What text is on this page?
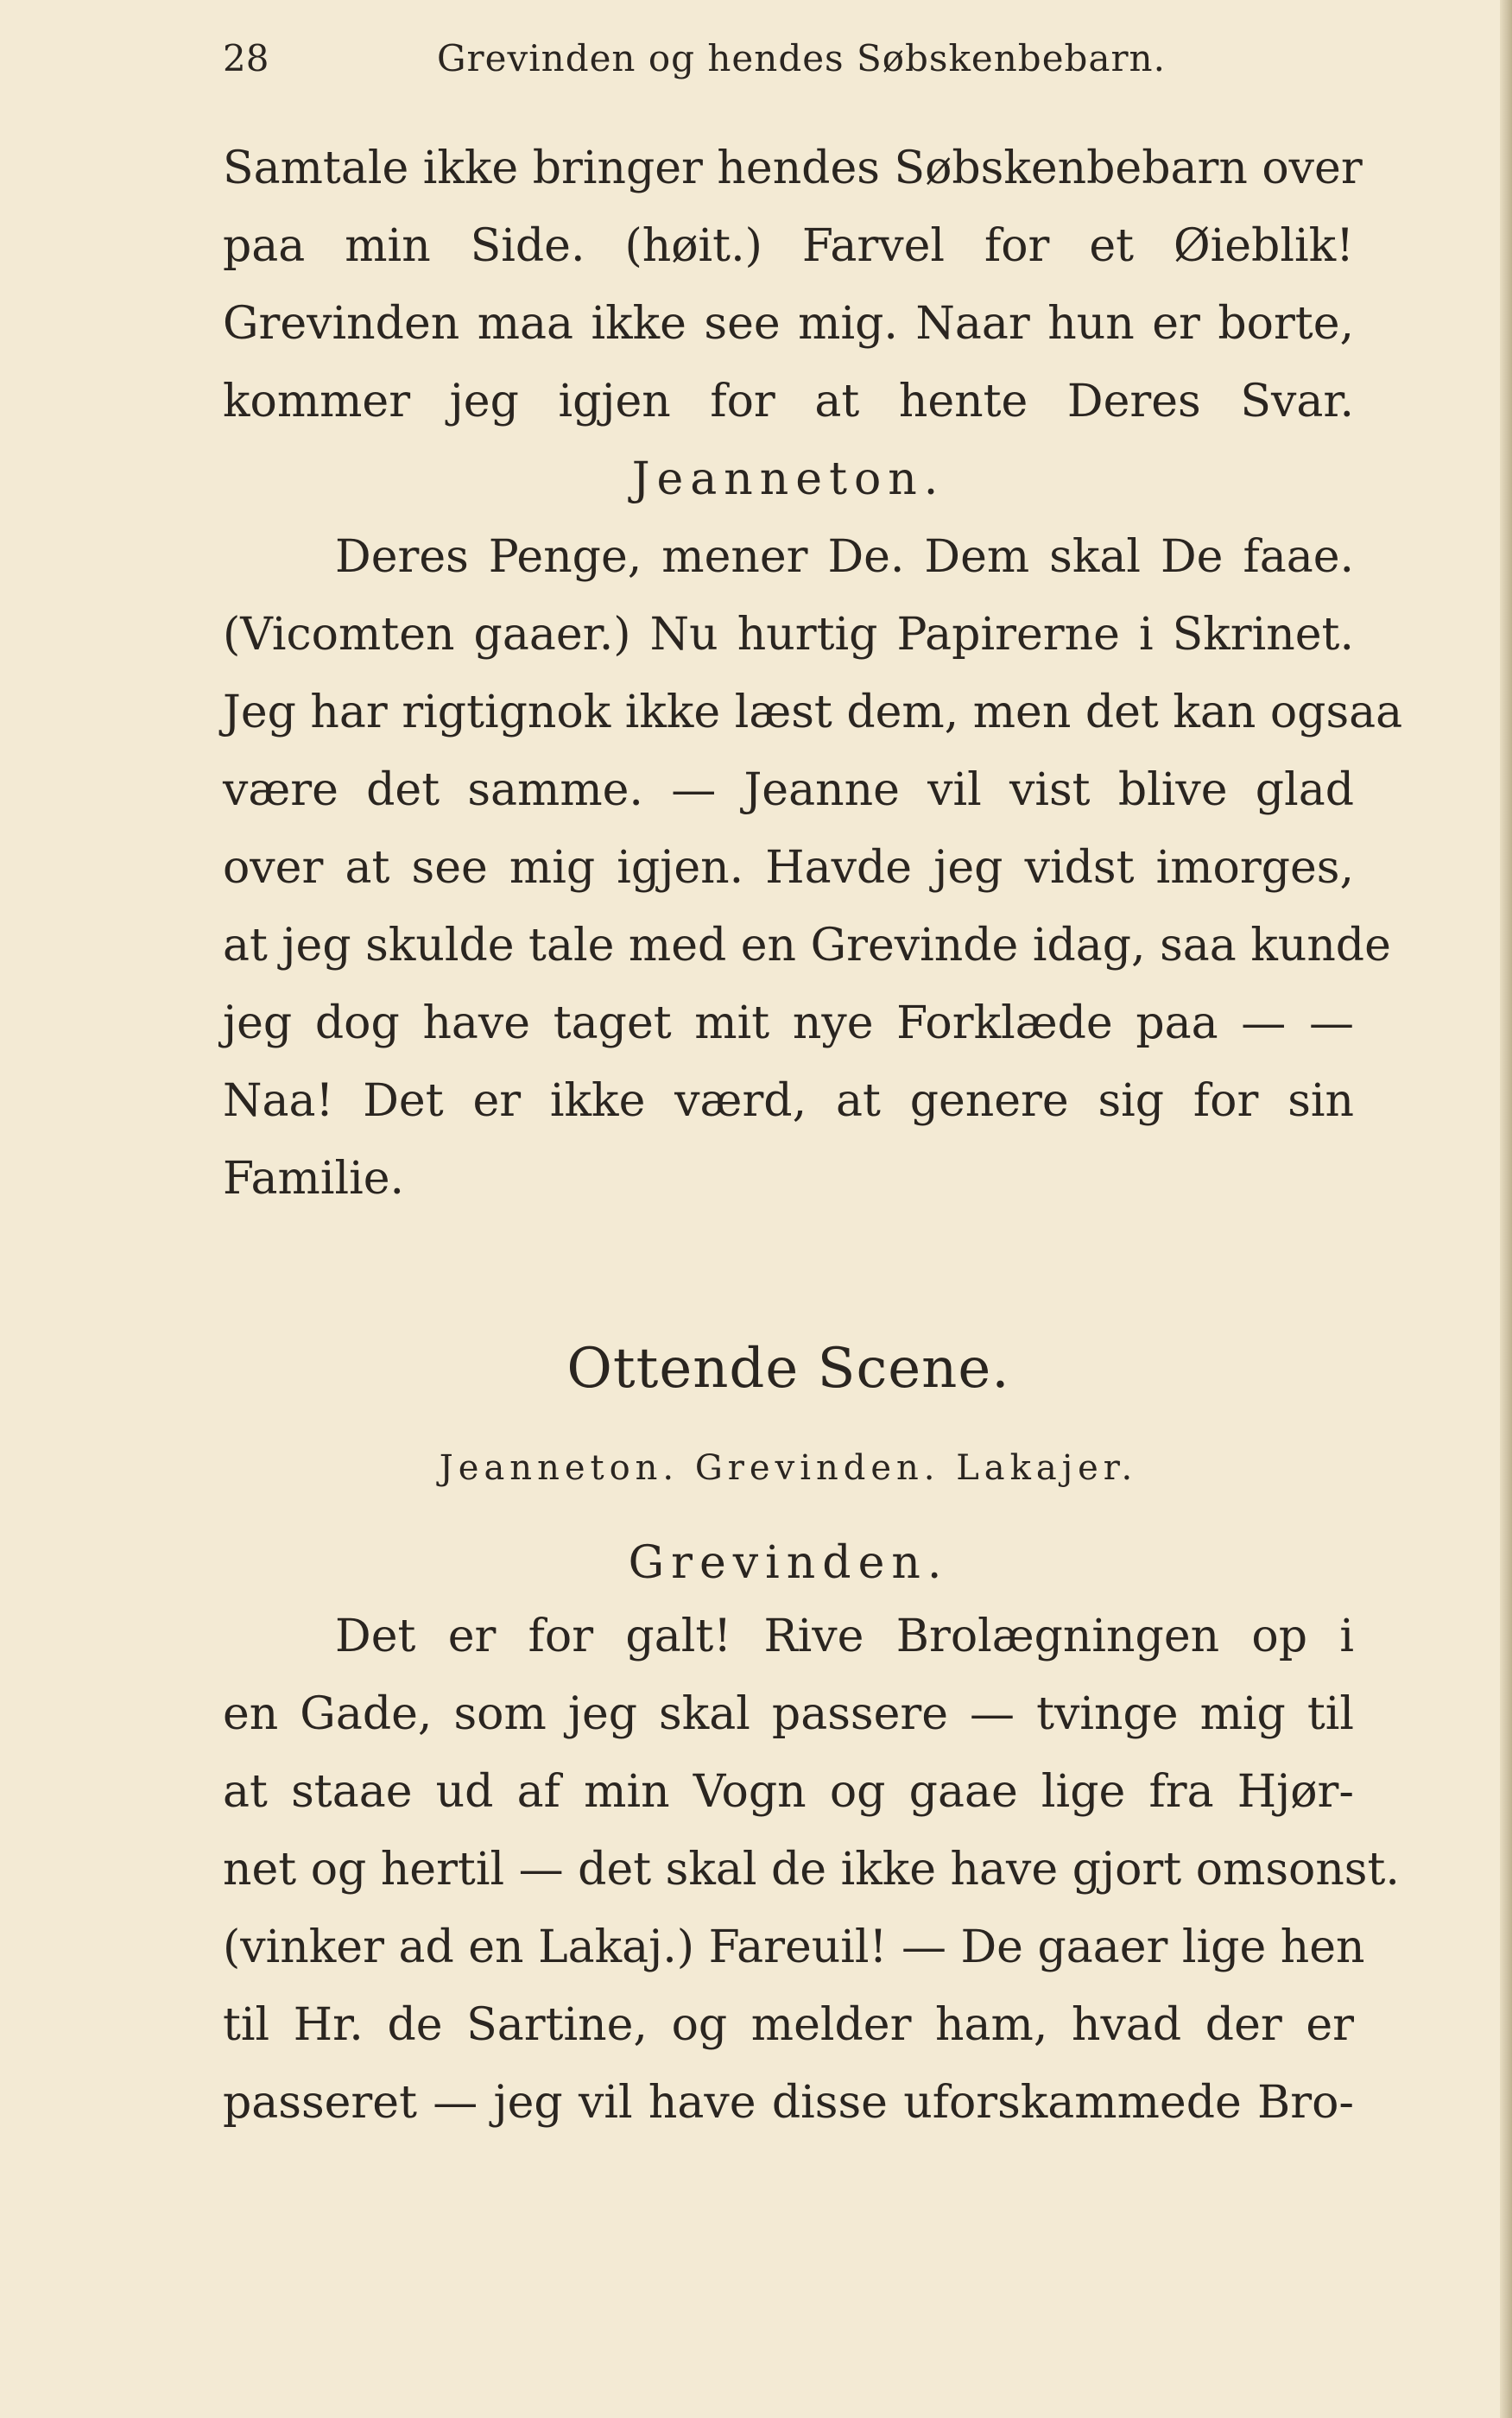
28	Grevinden og hendes Søbskenbebarn.
Samtale ikke bringer hendes Søbskenbebarn over
paa min Side. (høit.) Farvel for et Øieblik!
Grevinden maa ikke see mig. Naar hun er borte,
kommer jeg igjen for at hente Deres Svar.
Jeanneton.
Deres Penge, mener De. Dem skal De faae.
(Vicomten gaaer.) Nu hurtig Papirerne i Skrinet.
Jeg har rigtignok ikke læst dem, men det kan ogsaa
være det samme. — Jeanne vil vist blive glad
over at see mig igjen. Havde jeg vidst imorges,
at jeg skulde tale med en Grevinde idag, saa kunde
jeg dog have taget mit nye Forklæde paa — —
Naa! Det er ikke værd, at genere sig for sin
Familie.
Ottende Scene.
Jeanneton. Grevinden. Lakajer.
Grevinden.
Det er for galt! Rive Brolægningen op i
en Gade, som jeg skal passere — tvinge mig til
at staae ud af min Vogn og gaae lige fra Hjør-
net og hertil — det skal de ikke have gjort omsonst.
(vinker ad en Lakaj.) Fareuil! — De gaaer lige hen
til Hr. de Sartine, og melder ham, hvad der er
passeret — jeg vil have disse uforskammede Bro-
